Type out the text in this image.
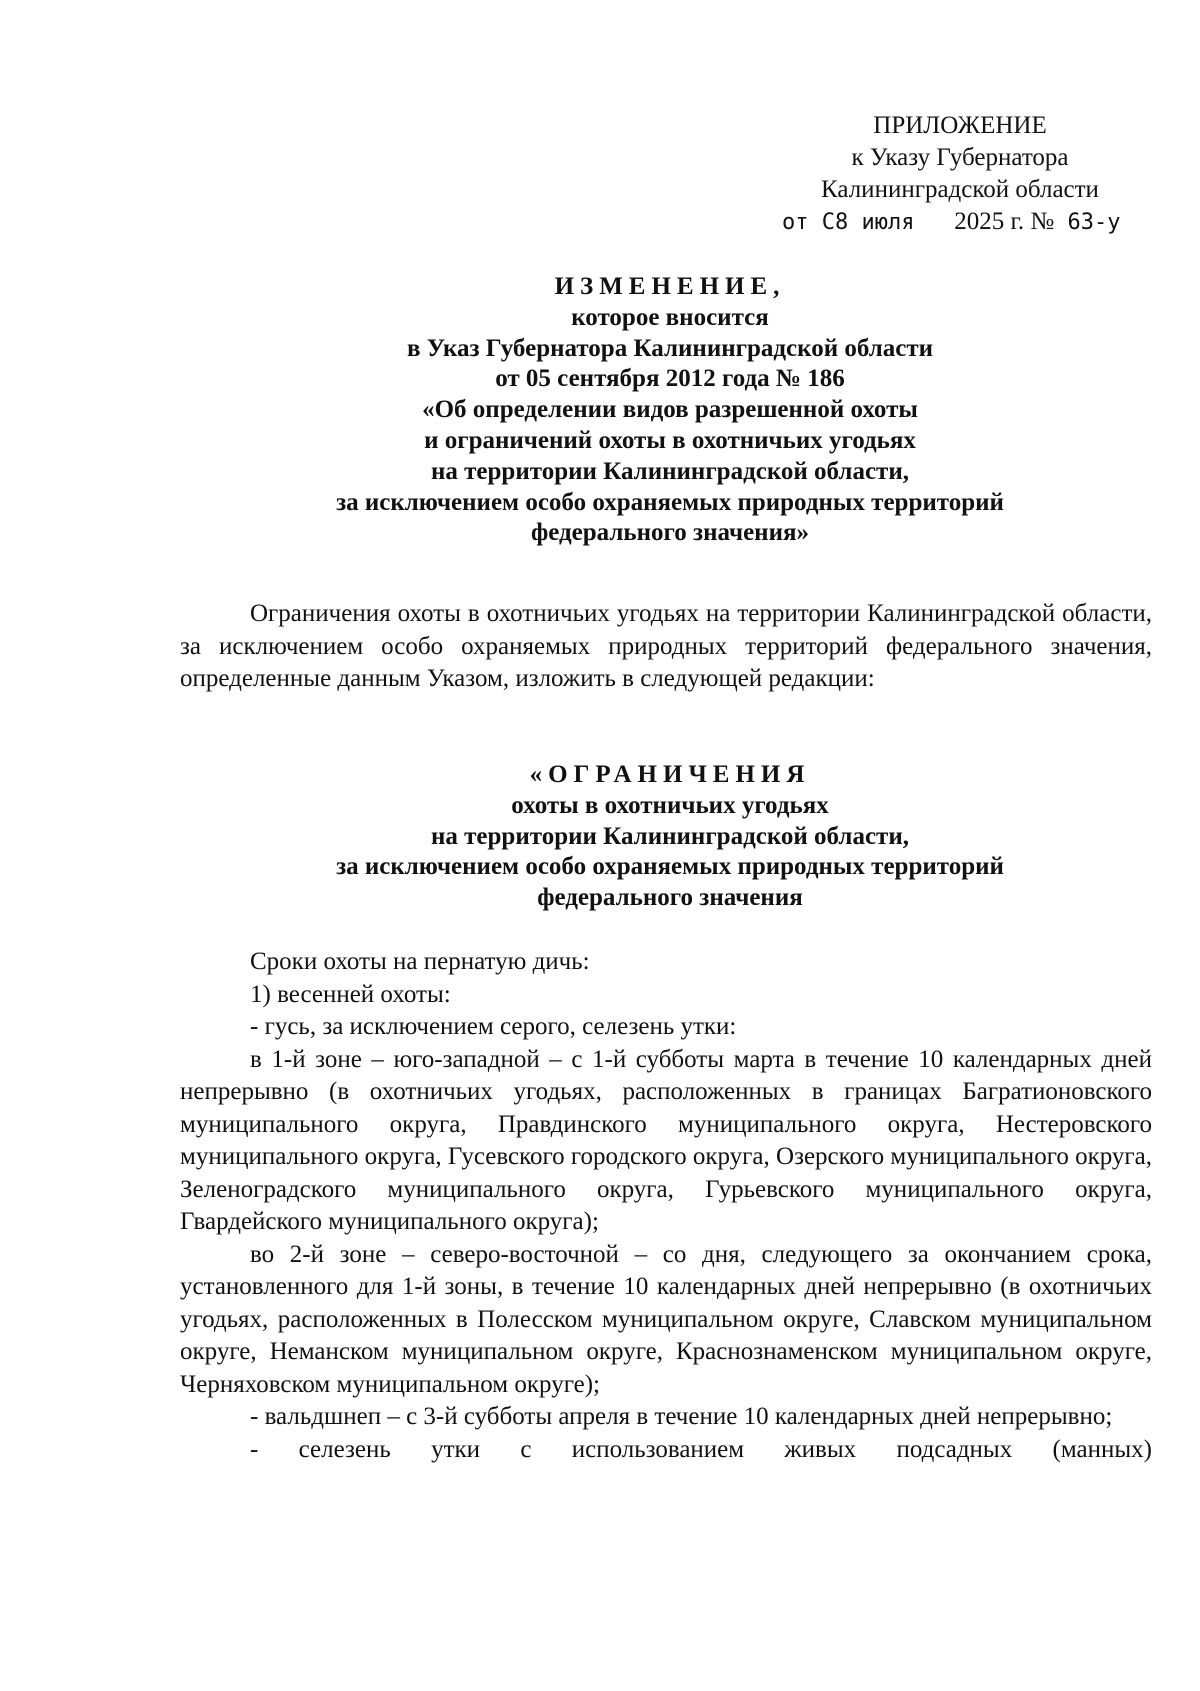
ПРИЛОЖЕНИЕ
к Указу Губернатора
Калининградской области
от С8 июля 2025 г. № 63-у
ИЗМЕНЕНИЕ,
которое вносится
в Указ Губернатора Калининградской области
от 05 сентября 2012 года № 186
«Об определении видов разрешенной охоты
и ограничений охоты в охотничьих угодьях
на территории Калининградской области,
за исключением особо охраняемых природных территорий
федерального значения»

Ограничения охоты в охотничьих угодьях на территории Калининградской области, за исключением особо охраняемых природных территорий федерального значения, определенные данным Указом, изложить в следующей редакции:

«ОГРАНИЧЕНИЯ
охоты в охотничьих угодьях
на территории Калининградской области,
за исключением особо охраняемых природных территорий
федерального значения

Сроки охоты на пернатую дичь:

1) весенней охоты:

- гусь, за исключением серого, селезень утки:

в 1-й зоне – юго-западной – с 1-й субботы марта в течение 10 календарных дней непрерывно (в охотничьих угодьях, расположенных в границах Багратионовского муниципального округа, Правдинского муниципального округа, Нестеровского муниципального округа, Гусевского городского округа, Озерского муниципального округа, Зеленоградского муниципального округа, Гурьевского муниципального округа, Гвардейского муниципального округа);

во 2-й зоне – северо-восточной – со дня, следующего за окончанием срока, установленного для 1-й зоны, в течение 10 календарных дней непрерывно (в охотничьих угодьях, расположенных в Полесском муниципальном округе, Славском муниципальном округе, Неманском муниципальном округе, Краснознаменском муниципальном округе, Черняховском муниципальном округе);

- вальдшнеп – с 3-й субботы апреля в течение 10 календарных дней непрерывно;

- селезень утки с использованием живых подсадных (манных)
